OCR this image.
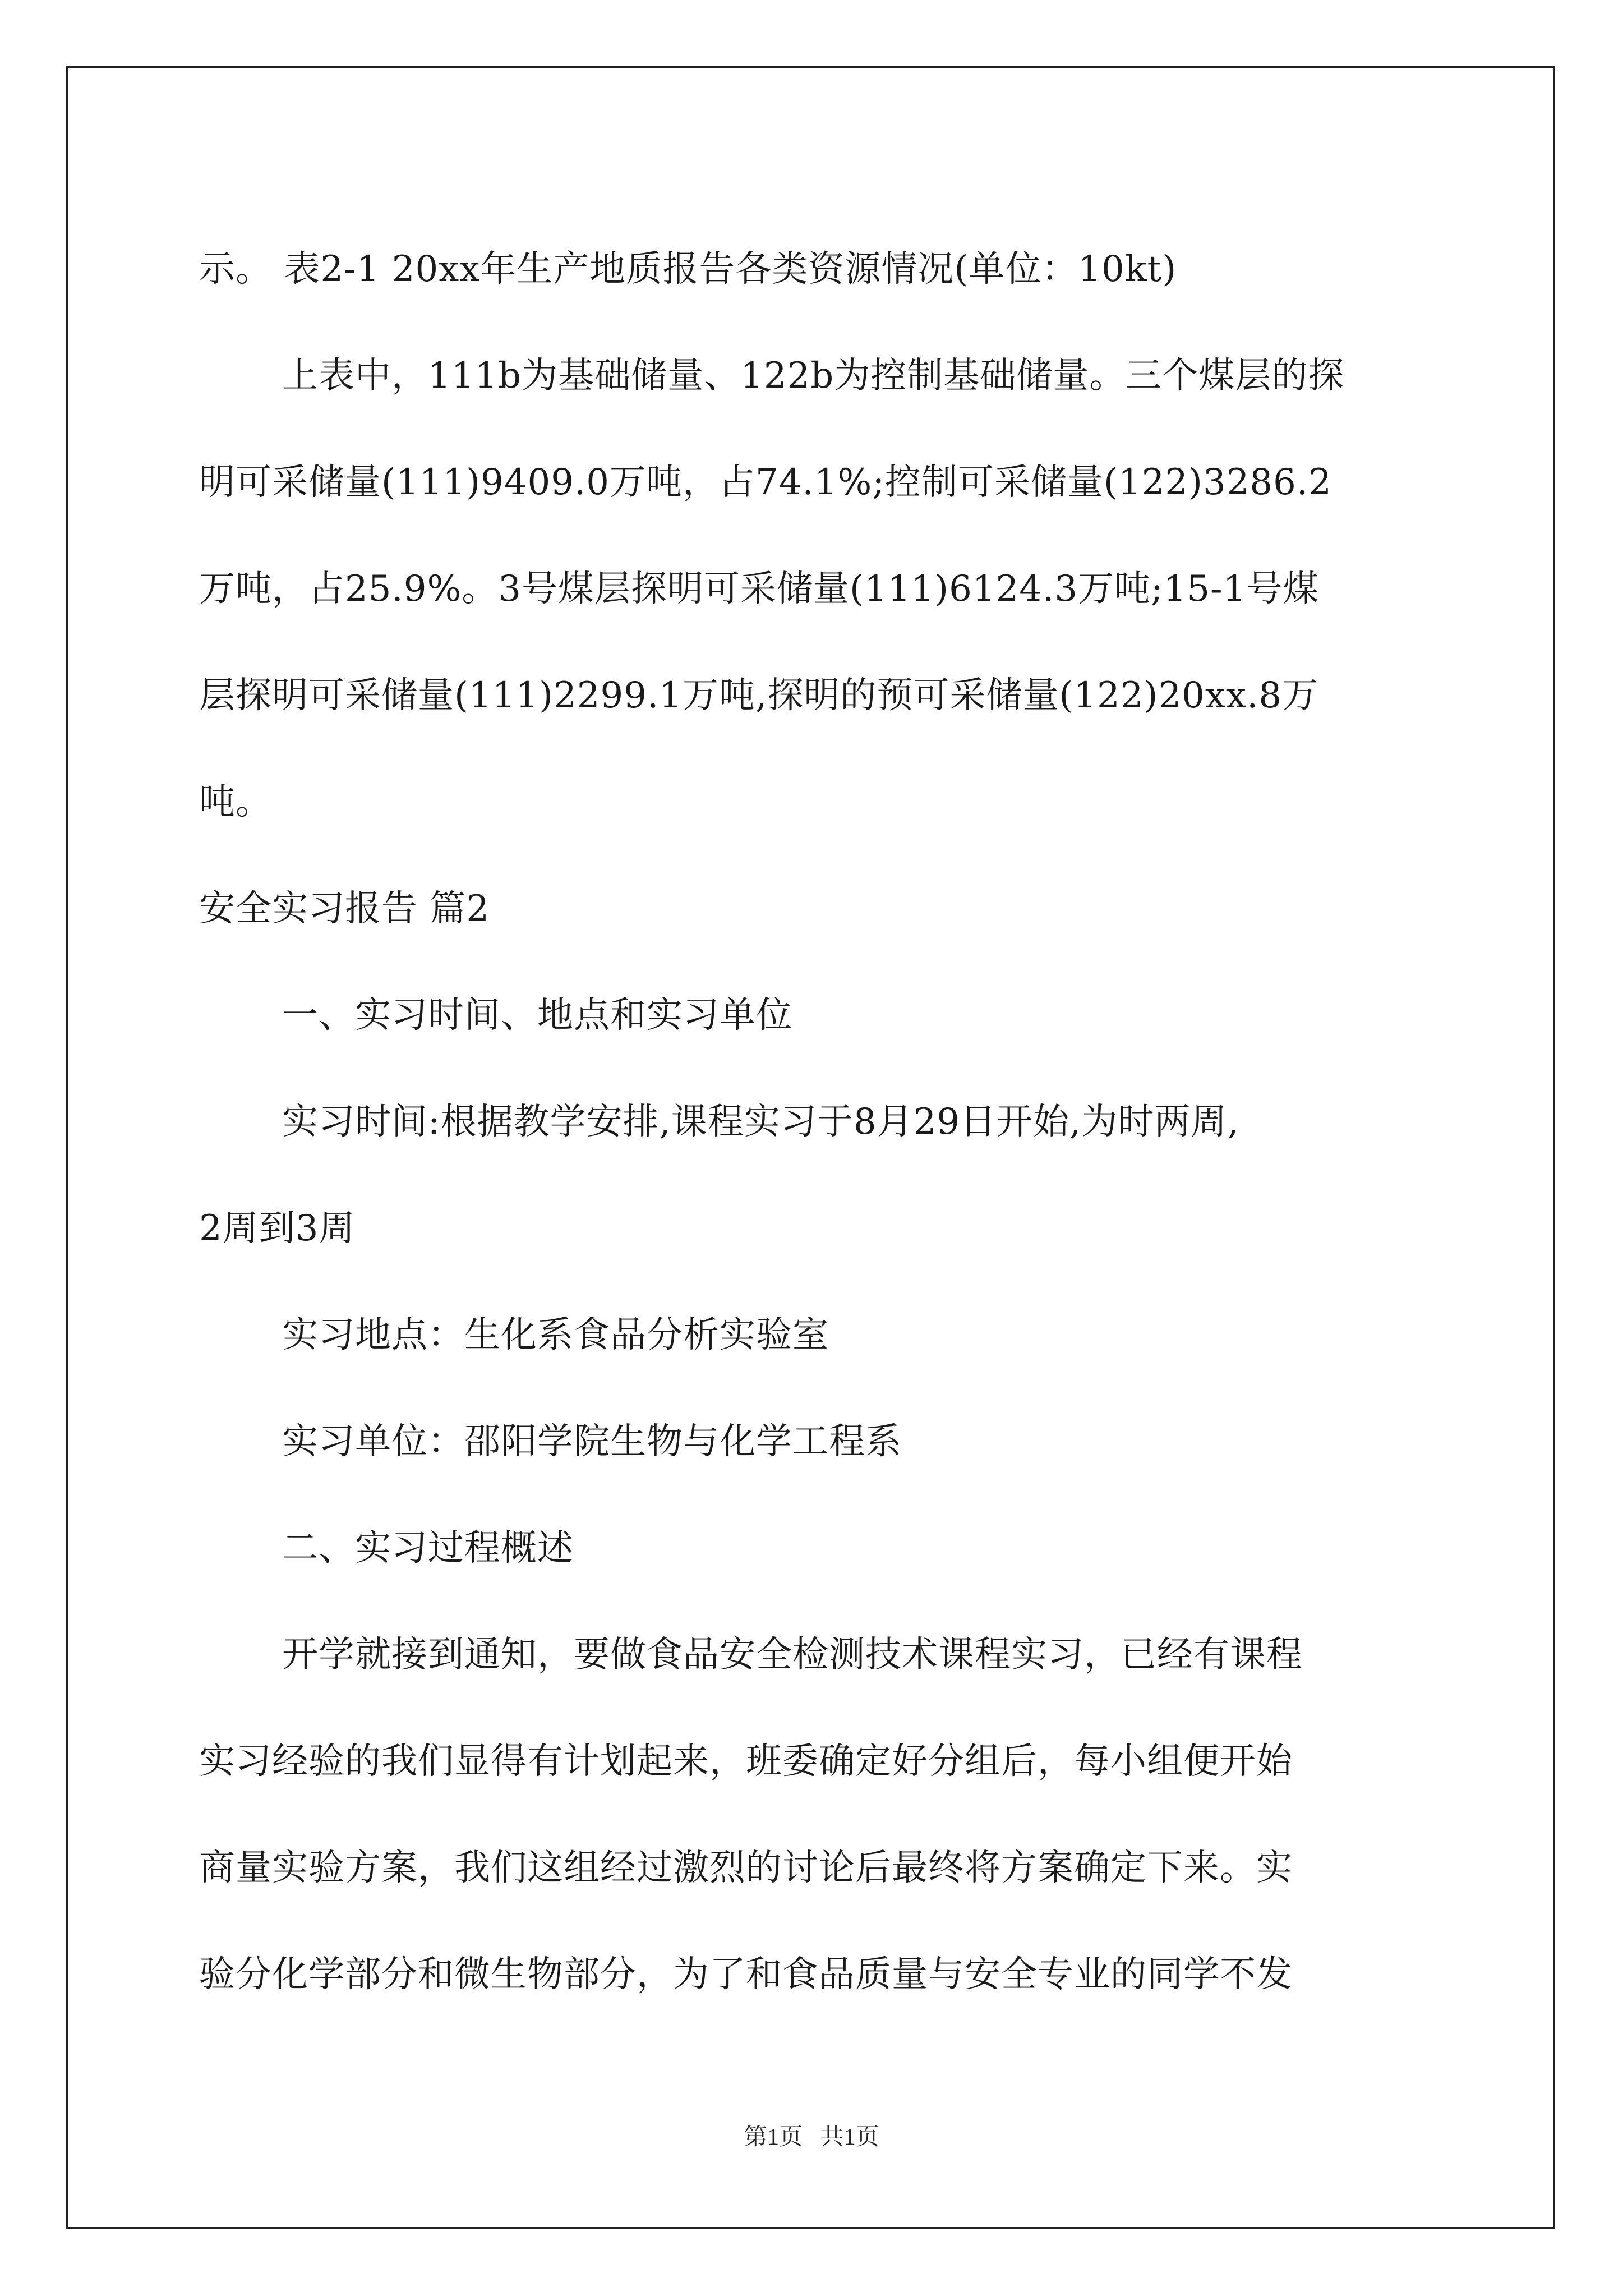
示。 表2-1 20xx年生产地质报告各类资源情况(单位：10kt)
上表中，111b为基础储量、122b为控制基础储量。三个煤层的探
明可采储量(111)9409.0万吨，占74.1%;控制可采储量(122)3286.2
万吨，占25.9%。3号煤层探明可采储量(111)6124.3万吨;15-1号煤
层探明可采储量(111)2299.1万吨,探明的预可采储量(122)20xx.8万
吨。
安全实习报告 篇2
一、实习时间、地点和实习单位
实习时间:根据教学安排,课程实习于8月29日开始,为时两周,
2周到3周
实习地点：生化系食品分析实验室
实习单位：邵阳学院生物与化学工程系
二、实习过程概述
开学就接到通知，要做食品安全检测技术课程实习，已经有课程
实习经验的我们显得有计划起来，班委确定好分组后，每小组便开始
商量实验方案，我们这组经过激烈的讨论后最终将方案确定下来。实
验分化学部分和微生物部分，为了和食品质量与安全专业的同学不发
第1页   共1页
